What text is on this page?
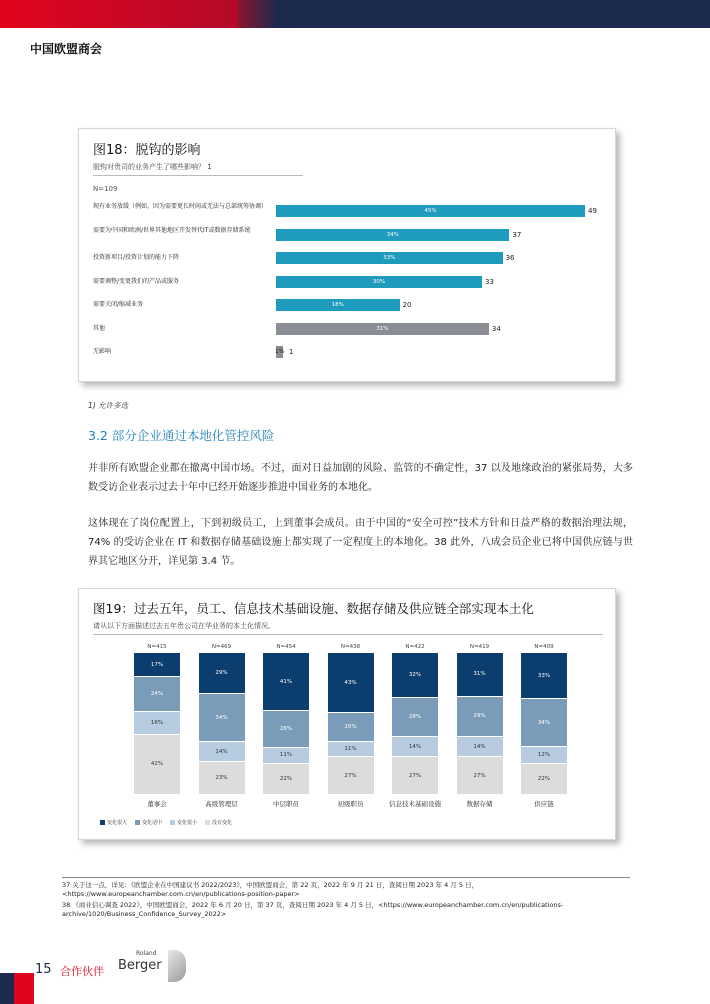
中国欧盟商会
图18：脱钩的影响
脱钩对贵司的业务产生了哪些影响？ 1
N=109
现有业务放缓（例如，因为需要更长时间或无法与总部统筹协调）
45%	49
需要为中国和欧洲/世界其他地区开发替代IT或数据存储系统
34%	37
投资新项目/投资计划的能力下降	33%	36
需要调整/变更我们的产品或服务	30%	33
需要关闭/缩减业务	18%	20
其他	31%	34
无影响	1% 1
1) 允许多选
3.2 部分企业通过本地化管控风险
并非所有欧盟企业都在撤离中国市场。不过，面对日益加剧的风险、监管的不确定性，37 以及地缘政治的紧张局势，大多数受访企业表示过去十年中已经开始逐步推进中国业务的本地化。
这体现在了岗位配置上，下到初级员工，上到董事会成员。由于中国的“安全可控”技术方针和日益严格的数据治理法规，74% 的受访企业在 IT 和数据存储基础设施上都实现了一定程度上的本地化。38 此外，八成会员企业已将中国供应链与世界其它地区分开，详见第 3.4 节。
图19：过去五年，员工、信息技术基础设施、数据存储及供应链全部实现本土化
请从以下方面描述过去五年贵公司在华业务的本土化情况。
N=415
17%
24%
16%
42%
董事会
N=469
29%
34%
14%
23%
高级管理层
N=454
41%
26%
11%
22%
中层职员
N=438
43%
20%
11%
27%
初级职员
N=422
32%
28%
14%
27%
信息技术基础设施
N=419
31%
29%
14%
27%
数据存储
N=409
33%
34%
12%
22%
供应链
变化很大	变化适中	变化很小	没有变化
37 关于这一点，详见：《欧盟企业在中国建议书 2022/2023》，中国欧盟商会，第 22 页，2022 年 9 月 21 日，查阅日期 2023 年 4 月 5 日，<https://www.europeanchamber.com.cn/en/publications-position-paper>
38 《商业信心调查 2022》，中国欧盟商会，2022 年 6 月 20 日，第 37 页，查阅日期 2023 年 4 月 5 日，<https://www.europeanchamber.com.cn/en/publications-archive/1020/Business_Confidence_Survey_2022>
15 合作伙伴
Roland
Berger
